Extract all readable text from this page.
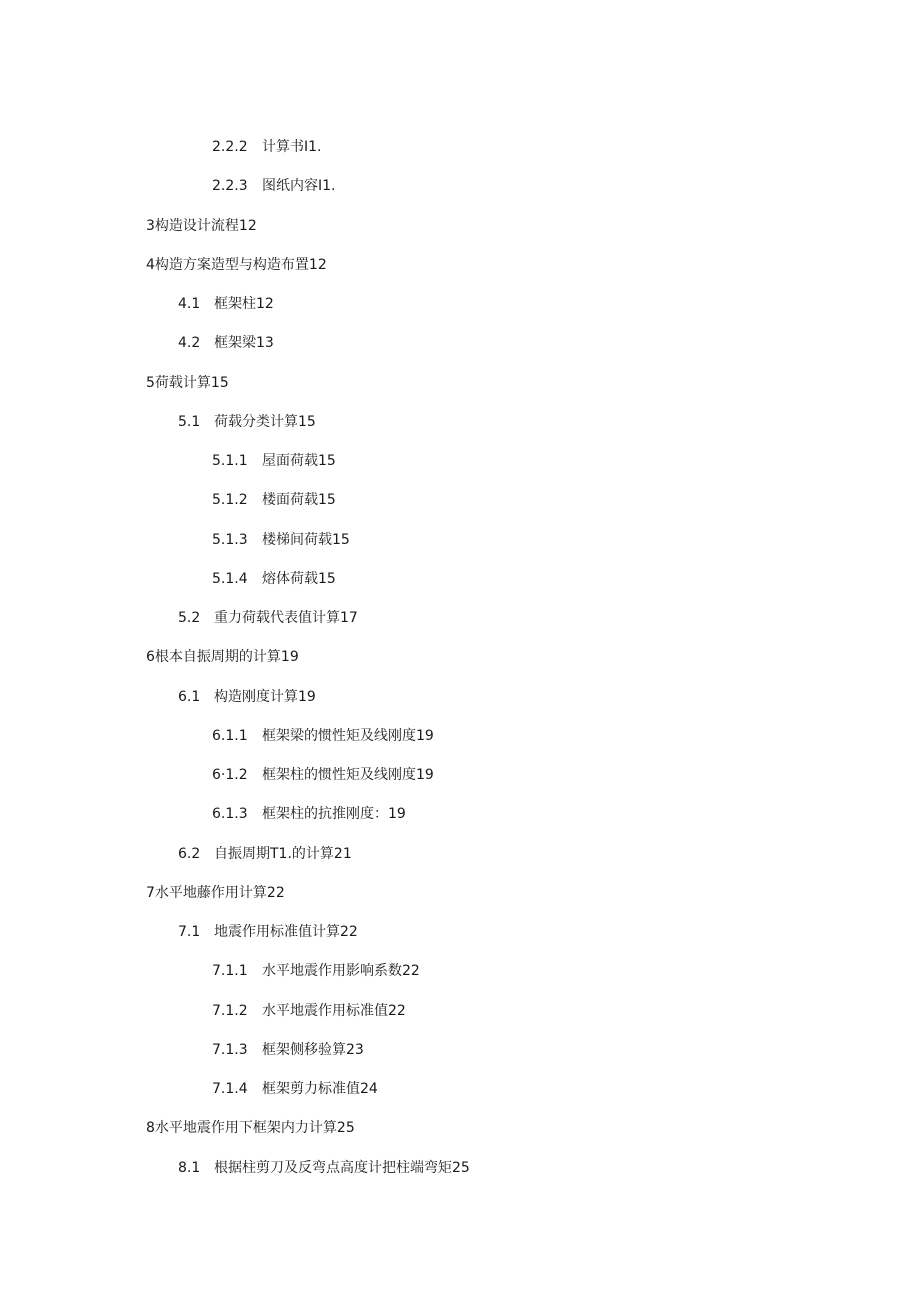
2.2.2	计算书I1.
2.2.3	图纸内容I1.
3 构造设计流程12
4 构造方案造型与构造布置12
4.1 框架柱12
4.2 框架梁13
5 荷载计算15
5.1 荷载分类计算15
5.1.1	屋面荷载15
5.1.2	楼面荷载15
5.1.3	楼梯间荷载15
5.1.4	熔体荷载15
5.2 重力荷载代表值计算17
6 根本自振周期的计算19
6.1 构造刚度计算19
6.1.1	框架梁的惯性矩及线刚度19
6·1.2	框架柱的惯性矩及线刚度19
6.1.3	框架柱的抗推刚度：19
6.2 自振周期T1.的计算21
7 水平地藤作用计算22
7.1 地震作用标准值计算22
7.1.1	水平地震作用影响系数22
7.1.2	水平地震作用标准值22
7.1.3	框架侧移验算23
7.1.4	框架剪力标准值24
8 水平地震作用下框架内力计算25
8.1 根据柱剪刀及反弯点高度计把柱端弯矩25
